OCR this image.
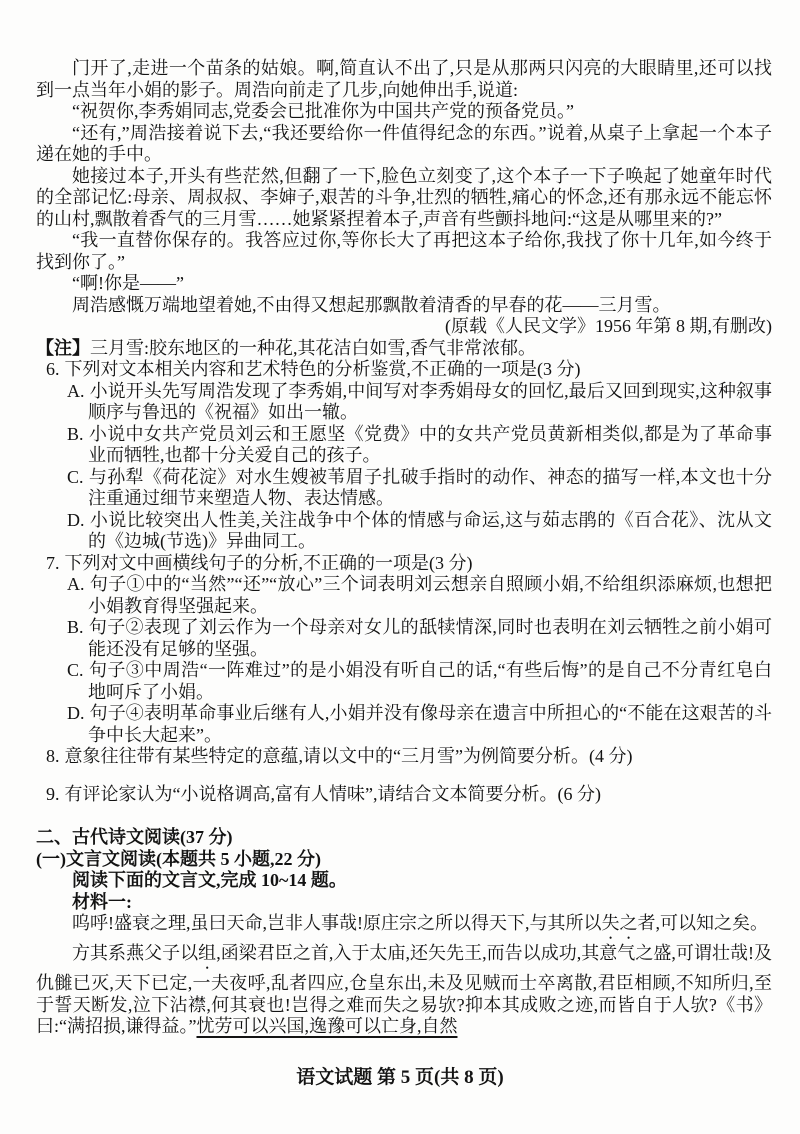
门开了,走进一个苗条的姑娘。啊,简直认不出了,只是从那两只闪亮的大眼睛里,还可以找到一点当年小娟的影子。周浩向前走了几步,向她伸出手,说道:

“祝贺你,李秀娟同志,党委会已批准你为中国共产党的预备党员。”

“还有,”周浩接着说下去,“我还要给你一件值得纪念的东西。”说着,从桌子上拿起一个本子递在她的手中。

她接过本子,开头有些茫然,但翻了一下,脸色立刻变了,这个本子一下子唤起了她童年时代的全部记忆:母亲、周叔叔、李婶子,艰苦的斗争,壮烈的牺牲,痛心的怀念,还有那永远不能忘怀的山村,飘散着香气的三月雪……她紧紧捏着本子,声音有些颤抖地问:“这是从哪里来的?”

“我一直替你保存的。我答应过你,等你长大了再把这本子给你,我找了你十几年,如今终于找到你了。”

“啊!你是——”

周浩感慨万端地望着她,不由得又想起那飘散着清香的早春的花——三月雪。

(原载《人民文学》1956 年第 8 期,有删改)

【注】三月雪:胶东地区的一种花,其花洁白如雪,香气非常浓郁。

6. 下列对文本相关内容和艺术特色的分析鉴赏,不正确的一项是(3 分)

A. 小说开头先写周浩发现了李秀娟,中间写对李秀娟母女的回忆,最后又回到现实,这种叙事顺序与鲁迅的《祝福》如出一辙。

B. 小说中女共产党员刘云和王愿坚《党费》中的女共产党员黄新相类似,都是为了革命事业而牺牲,也都十分关爱自己的孩子。

C. 与孙犁《荷花淀》对水生嫂被苇眉子扎破手指时的动作、神态的描写一样,本文也十分注重通过细节来塑造人物、表达情感。

D. 小说比较突出人性美,关注战争中个体的情感与命运,这与茹志鹃的《百合花》、沈从文的《边城(节选)》异曲同工。

7. 下列对文中画横线句子的分析,不正确的一项是(3 分)

A. 句子①中的“当然”“还”“放心”三个词表明刘云想亲自照顾小娟,不给组织添麻烦,也想把小娟教育得坚强起来。

B. 句子②表现了刘云作为一个母亲对女儿的舐犊情深,同时也表明在刘云牺牲之前小娟可能还没有足够的坚强。

C. 句子③中周浩“一阵难过”的是小娟没有听自己的话,“有些后悔”的是自己不分青红皂白地呵斥了小娟。

D. 句子④表明革命事业后继有人,小娟并没有像母亲在遗言中所担心的“不能在这艰苦的斗争中长大起来”。

8. 意象往往带有某些特定的意蕴,请以文中的“三月雪”为例简要分析。(4 分)

9. 有评论家认为“小说格调高,富有人情味”,请结合文本简要分析。(6 分)

二、古代诗文阅读(37 分)

(一)文言文阅读(本题共 5 小题,22 分)

阅读下面的文言文,完成 10~14 题。

材料一:

呜呼!盛衰之理,虽曰天命,岂非人事哉!原庄宗之所以得天下,与其所以失之者,可以知之矣。

方其系燕父子以组,函梁君臣之首,入于太庙,还矢先王,而告以成功,其意气之盛,可谓壮哉!及仇雠已灭,天下已定,一夫夜呼,乱者四应,仓皇东出,未及见贼而士卒离散,君臣相顾,不知所归,至于誓天断发,泣下沾襟,何其衰也!岂得之难而失之易欤?抑本其成败之迹,而皆自于人欤?《书》曰:“满招损,谦得益。”忧劳可以兴国,逸豫可以亡身,自然

语文试题 第 5 页(共 8 页)
